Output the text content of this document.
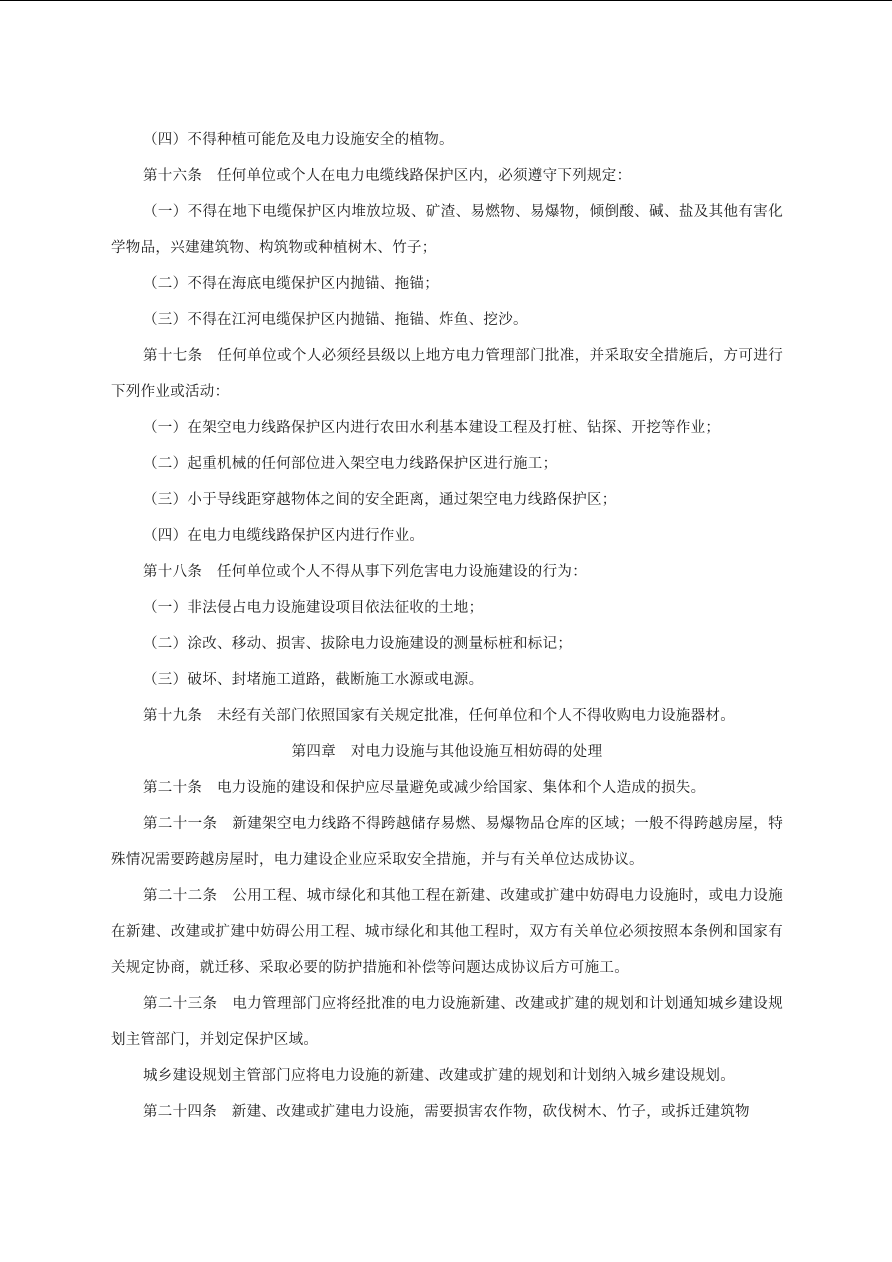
（四）不得种植可能危及电力设施安全的植物。

第十六条　任何单位或个人在电力电缆线路保护区内，必须遵守下列规定：

（一）不得在地下电缆保护区内堆放垃圾、矿渣、易燃物、易爆物，倾倒酸、碱、盐及其他有害化学物品，兴建建筑物、构筑物或种植树木、竹子；

（二）不得在海底电缆保护区内抛锚、拖锚；

（三）不得在江河电缆保护区内抛锚、拖锚、炸鱼、挖沙。

第十七条　任何单位或个人必须经县级以上地方电力管理部门批准，并采取安全措施后，方可进行下列作业或活动：

（一）在架空电力线路保护区内进行农田水利基本建设工程及打桩、钻探、开挖等作业；

（二）起重机械的任何部位进入架空电力线路保护区进行施工；

（三）小于导线距穿越物体之间的安全距离，通过架空电力线路保护区；

（四）在电力电缆线路保护区内进行作业。

第十八条　任何单位或个人不得从事下列危害电力设施建设的行为：

（一）非法侵占电力设施建设项目依法征收的土地；

（二）涂改、移动、损害、拔除电力设施建设的测量标桩和标记；

（三）破坏、封堵施工道路，截断施工水源或电源。

第十九条　未经有关部门依照国家有关规定批准，任何单位和个人不得收购电力设施器材。

第四章　对电力设施与其他设施互相妨碍的处理

第二十条　电力设施的建设和保护应尽量避免或减少给国家、集体和个人造成的损失。

第二十一条　新建架空电力线路不得跨越储存易燃、易爆物品仓库的区域；一般不得跨越房屋，特殊情况需要跨越房屋时，电力建设企业应采取安全措施，并与有关单位达成协议。

第二十二条　公用工程、城市绿化和其他工程在新建、改建或扩建中妨碍电力设施时，或电力设施在新建、改建或扩建中妨碍公用工程、城市绿化和其他工程时，双方有关单位必须按照本条例和国家有关规定协商，就迁移、采取必要的防护措施和补偿等问题达成协议后方可施工。

第二十三条　电力管理部门应将经批准的电力设施新建、改建或扩建的规划和计划通知城乡建设规划主管部门，并划定保护区域。

城乡建设规划主管部门应将电力设施的新建、改建或扩建的规划和计划纳入城乡建设规划。

第二十四条　新建、改建或扩建电力设施，需要损害农作物，砍伐树木、竹子，或拆迁建筑物
